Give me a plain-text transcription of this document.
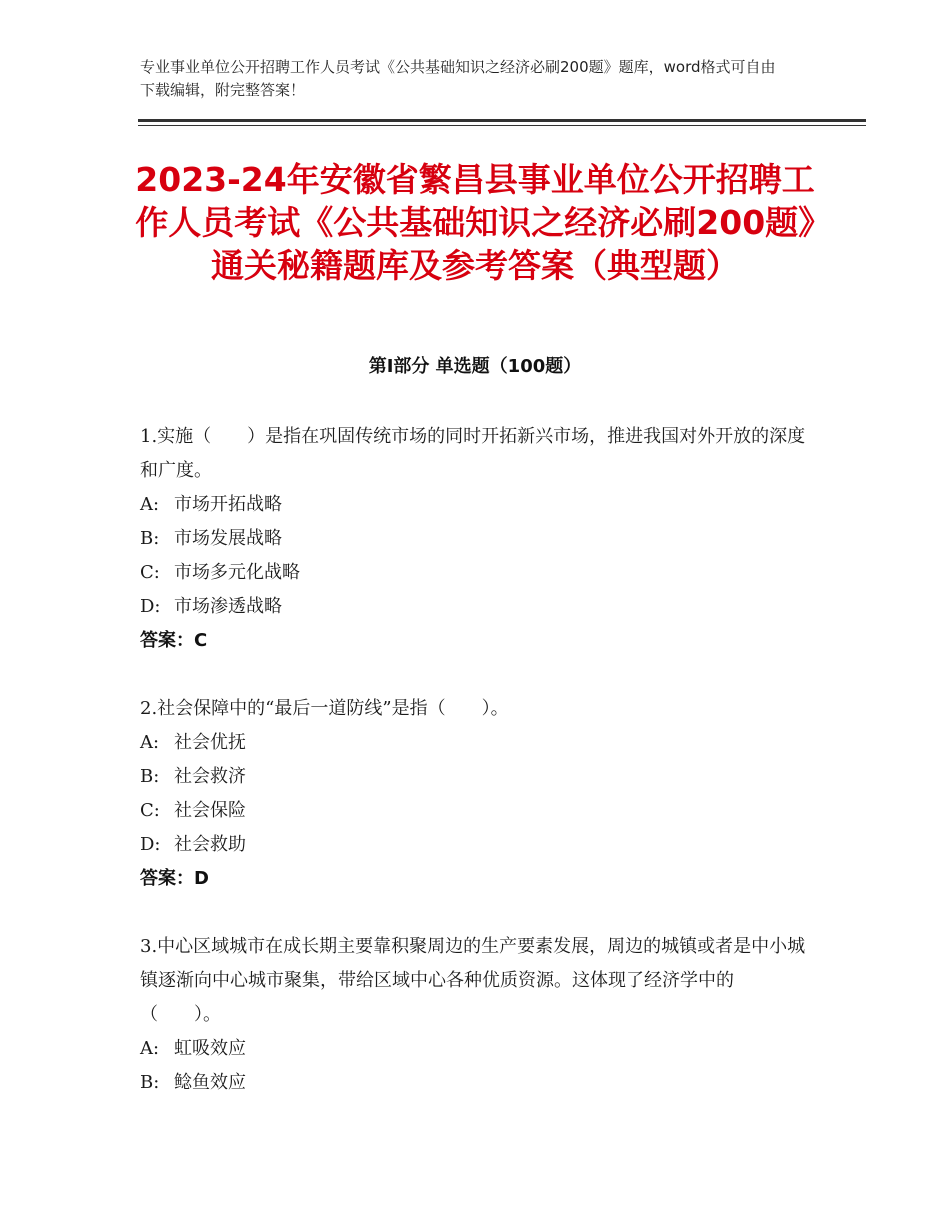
专业事业单位公开招聘工作人员考试《公共基础知识之经济必刷200题》题库，word格式可自由下载编辑，附完整答案！
2023-24年安徽省繁昌县事业单位公开招聘工作人员考试《公共基础知识之经济必刷200题》通关秘籍题库及参考答案（典型题）
第Ⅰ部分 单选题（100题）

1.实施（　　）是指在巩固传统市场的同时开拓新兴市场，推进我国对外开放的深度和广度。

A: 市场开拓战略

B: 市场发展战略

C: 市场多元化战略

D: 市场渗透战略

答案：C

2.社会保障中的“最后一道防线”是指（　　）。

A: 社会优抚

B: 社会救济

C: 社会保险

D: 社会救助

答案：D

3.中心区域城市在成长期主要靠积聚周边的生产要素发展，周边的城镇或者是中小城镇逐渐向中心城市聚集，带给区域中心各种优质资源。这体现了经济学中的（　　）。

A: 虹吸效应

B: 鲶鱼效应
